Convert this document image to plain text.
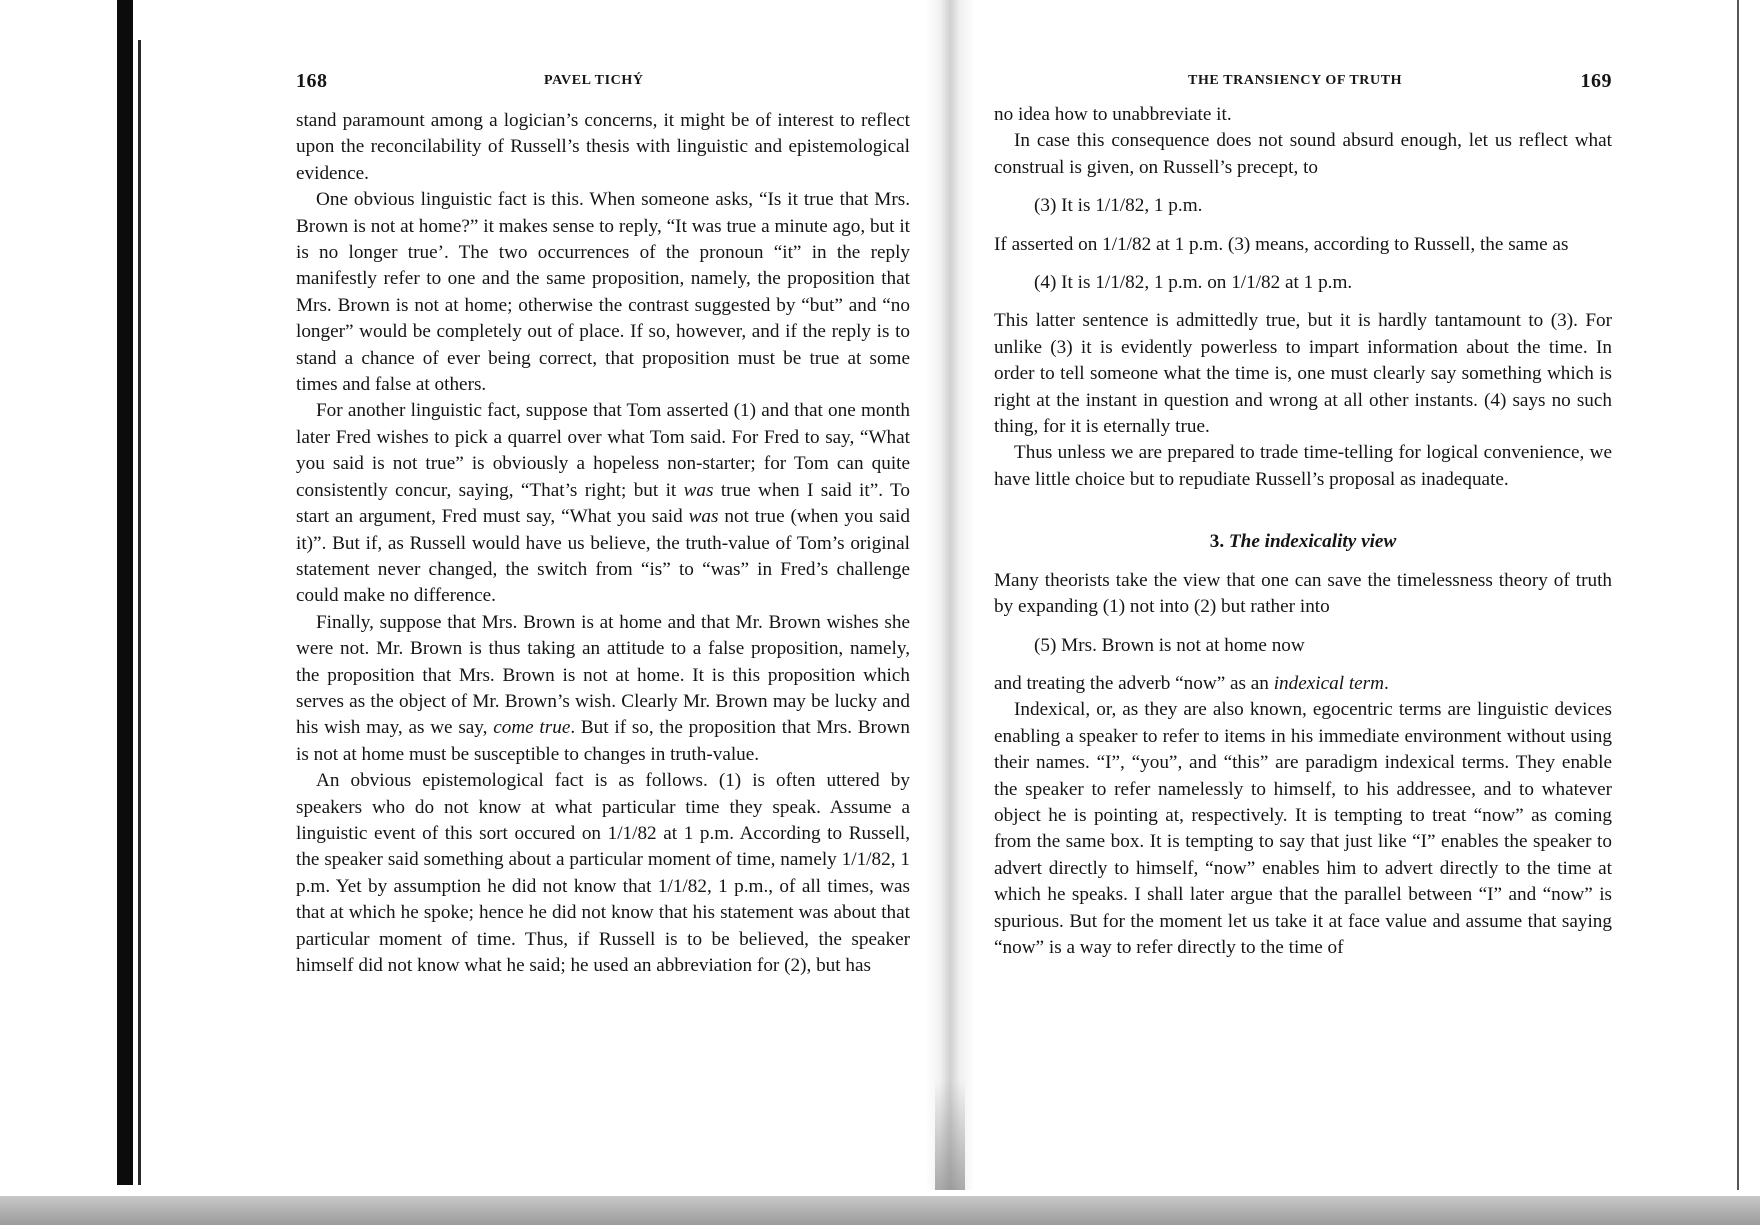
168	PAVEL TICHÝ

stand paramount among a logician’s concerns, it might be of interest to reflect upon the reconcilability of Russell’s thesis with linguistic and epistemological evidence.

One obvious linguistic fact is this. When someone asks, “Is it true that Mrs. Brown is not at home?” it makes sense to reply, “It was true a minute ago, but it is no longer true’. The two occurrences of the pronoun “it” in the reply manifestly refer to one and the same proposition, namely, the proposition that Mrs. Brown is not at home; otherwise the contrast suggested by “but” and “no longer” would be completely out of place. If so, however, and if the reply is to stand a chance of ever being correct, that proposition must be true at some times and false at others.

For another linguistic fact, suppose that Tom asserted (1) and that one month later Fred wishes to pick a quarrel over what Tom said. For Fred to say, “What you said is not true” is obviously a hopeless non-starter; for Tom can quite consistently concur, saying, “That’s right; but it was true when I said it”. To start an argument, Fred must say, “What you said was not true (when you said it)”. But if, as Russell would have us believe, the truth-value of Tom’s original statement never changed, the switch from “is” to “was” in Fred’s challenge could make no difference.

Finally, suppose that Mrs. Brown is at home and that Mr. Brown wishes she were not. Mr. Brown is thus taking an attitude to a false proposition, namely, the proposition that Mrs. Brown is not at home. It is this proposition which serves as the object of Mr. Brown’s wish. Clearly Mr. Brown may be lucky and his wish may, as we say, come true. But if so, the proposition that Mrs. Brown is not at home must be susceptible to changes in truth-value.

An obvious epistemological fact is as follows. (1) is often uttered by speakers who do not know at what particular time they speak. Assume a linguistic event of this sort occured on 1/1/82 at 1 p.m. According to Russell, the speaker said something about a particular moment of time, namely 1/1/82, 1 p.m. Yet by assumption he did not know that 1/1/82, 1 p.m., of all times, was that at which he spoke; hence he did not know that his statement was about that particular moment of time. Thus, if Russell is to be believed, the speaker himself did not know what he said; he used an abbreviation for (2), but has

THE TRANSIENCY OF TRUTH	169

no idea how to unabbreviate it.

In case this consequence does not sound absurd enough, let us reflect what construal is given, on Russell’s precept, to

(3) It is 1/1/82, 1 p.m.

If asserted on 1/1/82 at 1 p.m. (3) means, according to Russell, the same as

(4) It is 1/1/82, 1 p.m. on 1/1/82 at 1 p.m.

This latter sentence is admittedly true, but it is hardly tantamount to (3). For unlike (3) it is evidently powerless to impart information about the time. In order to tell someone what the time is, one must clearly say something which is right at the instant in question and wrong at all other instants. (4) says no such thing, for it is eternally true.

Thus unless we are prepared to trade time-telling for logical convenience, we have little choice but to repudiate Russell’s proposal as inadequate.

3. The indexicality view

Many theorists take the view that one can save the timelessness theory of truth by expanding (1) not into (2) but rather into

(5) Mrs. Brown is not at home now

and treating the adverb “now” as an indexical term.

Indexical, or, as they are also known, egocentric terms are linguistic devices enabling a speaker to refer to items in his immediate environment without using their names. “I”, “you”, and “this” are paradigm indexical terms. They enable the speaker to refer namelessly to himself, to his addressee, and to whatever object he is pointing at, respectively. It is tempting to treat “now” as coming from the same box. It is tempting to say that just like “I” enables the speaker to advert directly to himself, “now” enables him to advert directly to the time at which he speaks. I shall later argue that the parallel between “I” and “now” is spurious. But for the moment let us take it at face value and assume that saying “now” is a way to refer directly to the time of
